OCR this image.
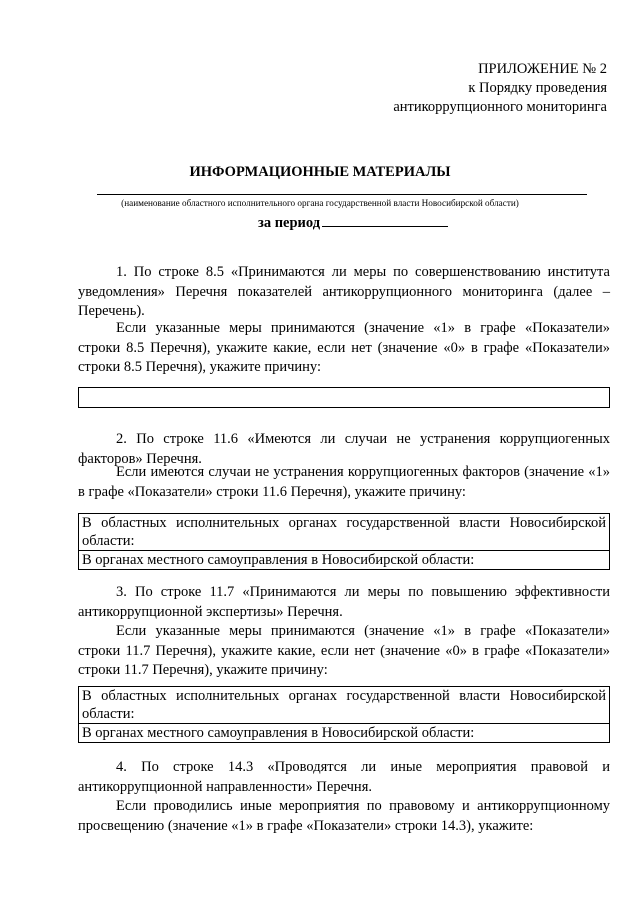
ПРИЛОЖЕНИЕ № 2
к Порядку проведения
антикоррупционного мониторинга
ИНФОРМАЦИОННЫЕ МАТЕРИАЛЫ
(наименование областного исполнительного органа государственной власти Новосибирской области)
за период
1. По строке 8.5 «Принимаются ли меры по совершенствованию института уведомления» Перечня показателей антикоррупционного мониторинга (далее – Перечень).
Если указанные меры принимаются (значение «1» в графе «Показатели» строки 8.5 Перечня), укажите какие, если нет (значение «0» в графе «Показатели» строки 8.5 Перечня), укажите причину:
2. По строке 11.6 «Имеются ли случаи не устранения коррупциогенных факторов» Перечня.
Если имеются случаи не устранения коррупциогенных факторов (значение «1» в графе «Показатели» строки 11.6 Перечня), укажите причину:
В областных исполнительных органах государственной власти Новосибирской области:
В органах местного самоуправления в Новосибирской области:
3. По строке 11.7 «Принимаются ли меры по повышению эффективности антикоррупционной экспертизы» Перечня.
Если указанные меры принимаются (значение «1» в графе «Показатели» строки 11.7 Перечня), укажите какие, если нет (значение «0» в графе «Показатели» строки 11.7 Перечня), укажите причину:
В областных исполнительных органах государственной власти Новосибирской области:
В органах местного самоуправления в Новосибирской области:
4. По строке 14.3 «Проводятся ли иные мероприятия правовой и антикоррупционной направленности» Перечня.
Если проводились иные мероприятия по правовому и антикоррупционному просвещению (значение «1» в графе «Показатели» строки 14.3), укажите:
